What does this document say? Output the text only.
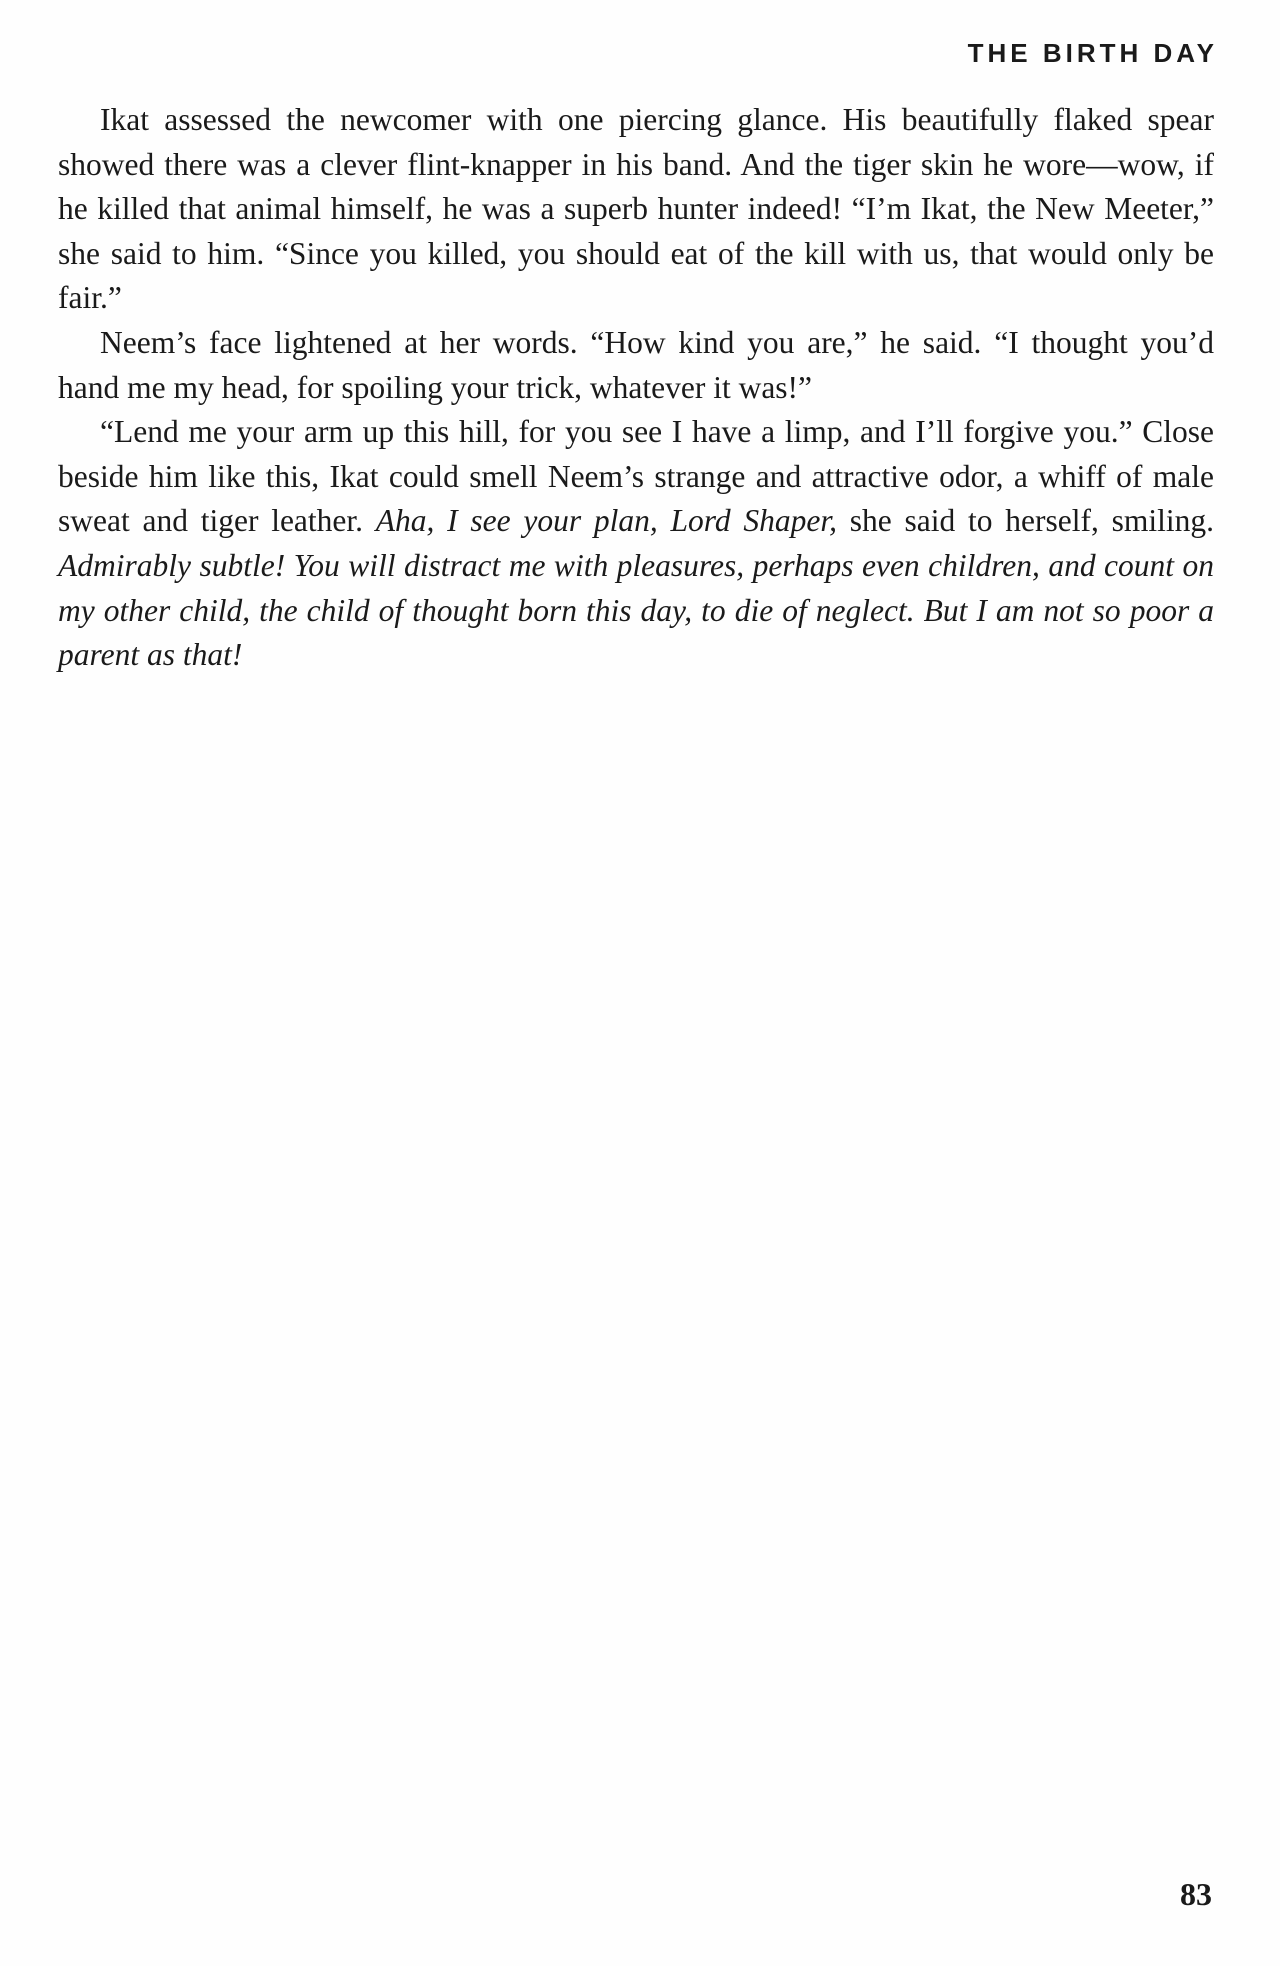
THE BIRTH DAY

Ikat assessed the newcomer with one piercing glance. His beautifully flaked spear showed there was a clever flint-knapper in his band. And the tiger skin he wore—wow, if he killed that animal himself, he was a superb hunter indeed! “I’m Ikat, the New Meeter,” she said to him. “Since you killed, you should eat of the kill with us, that would only be fair.”

Neem’s face lightened at her words. “How kind you are,” he said. “I thought you’d hand me my head, for spoiling your trick, whatever it was!”

“Lend me your arm up this hill, for you see I have a limp, and I’ll forgive you.” Close beside him like this, Ikat could smell Neem’s strange and attractive odor, a whiff of male sweat and tiger leather. Aha, I see your plan, Lord Shaper, she said to herself, smiling. Admirably subtle! You will distract me with pleasures, perhaps even children, and count on my other child, the child of thought born this day, to die of neglect. But I am not so poor a parent as that!

83
